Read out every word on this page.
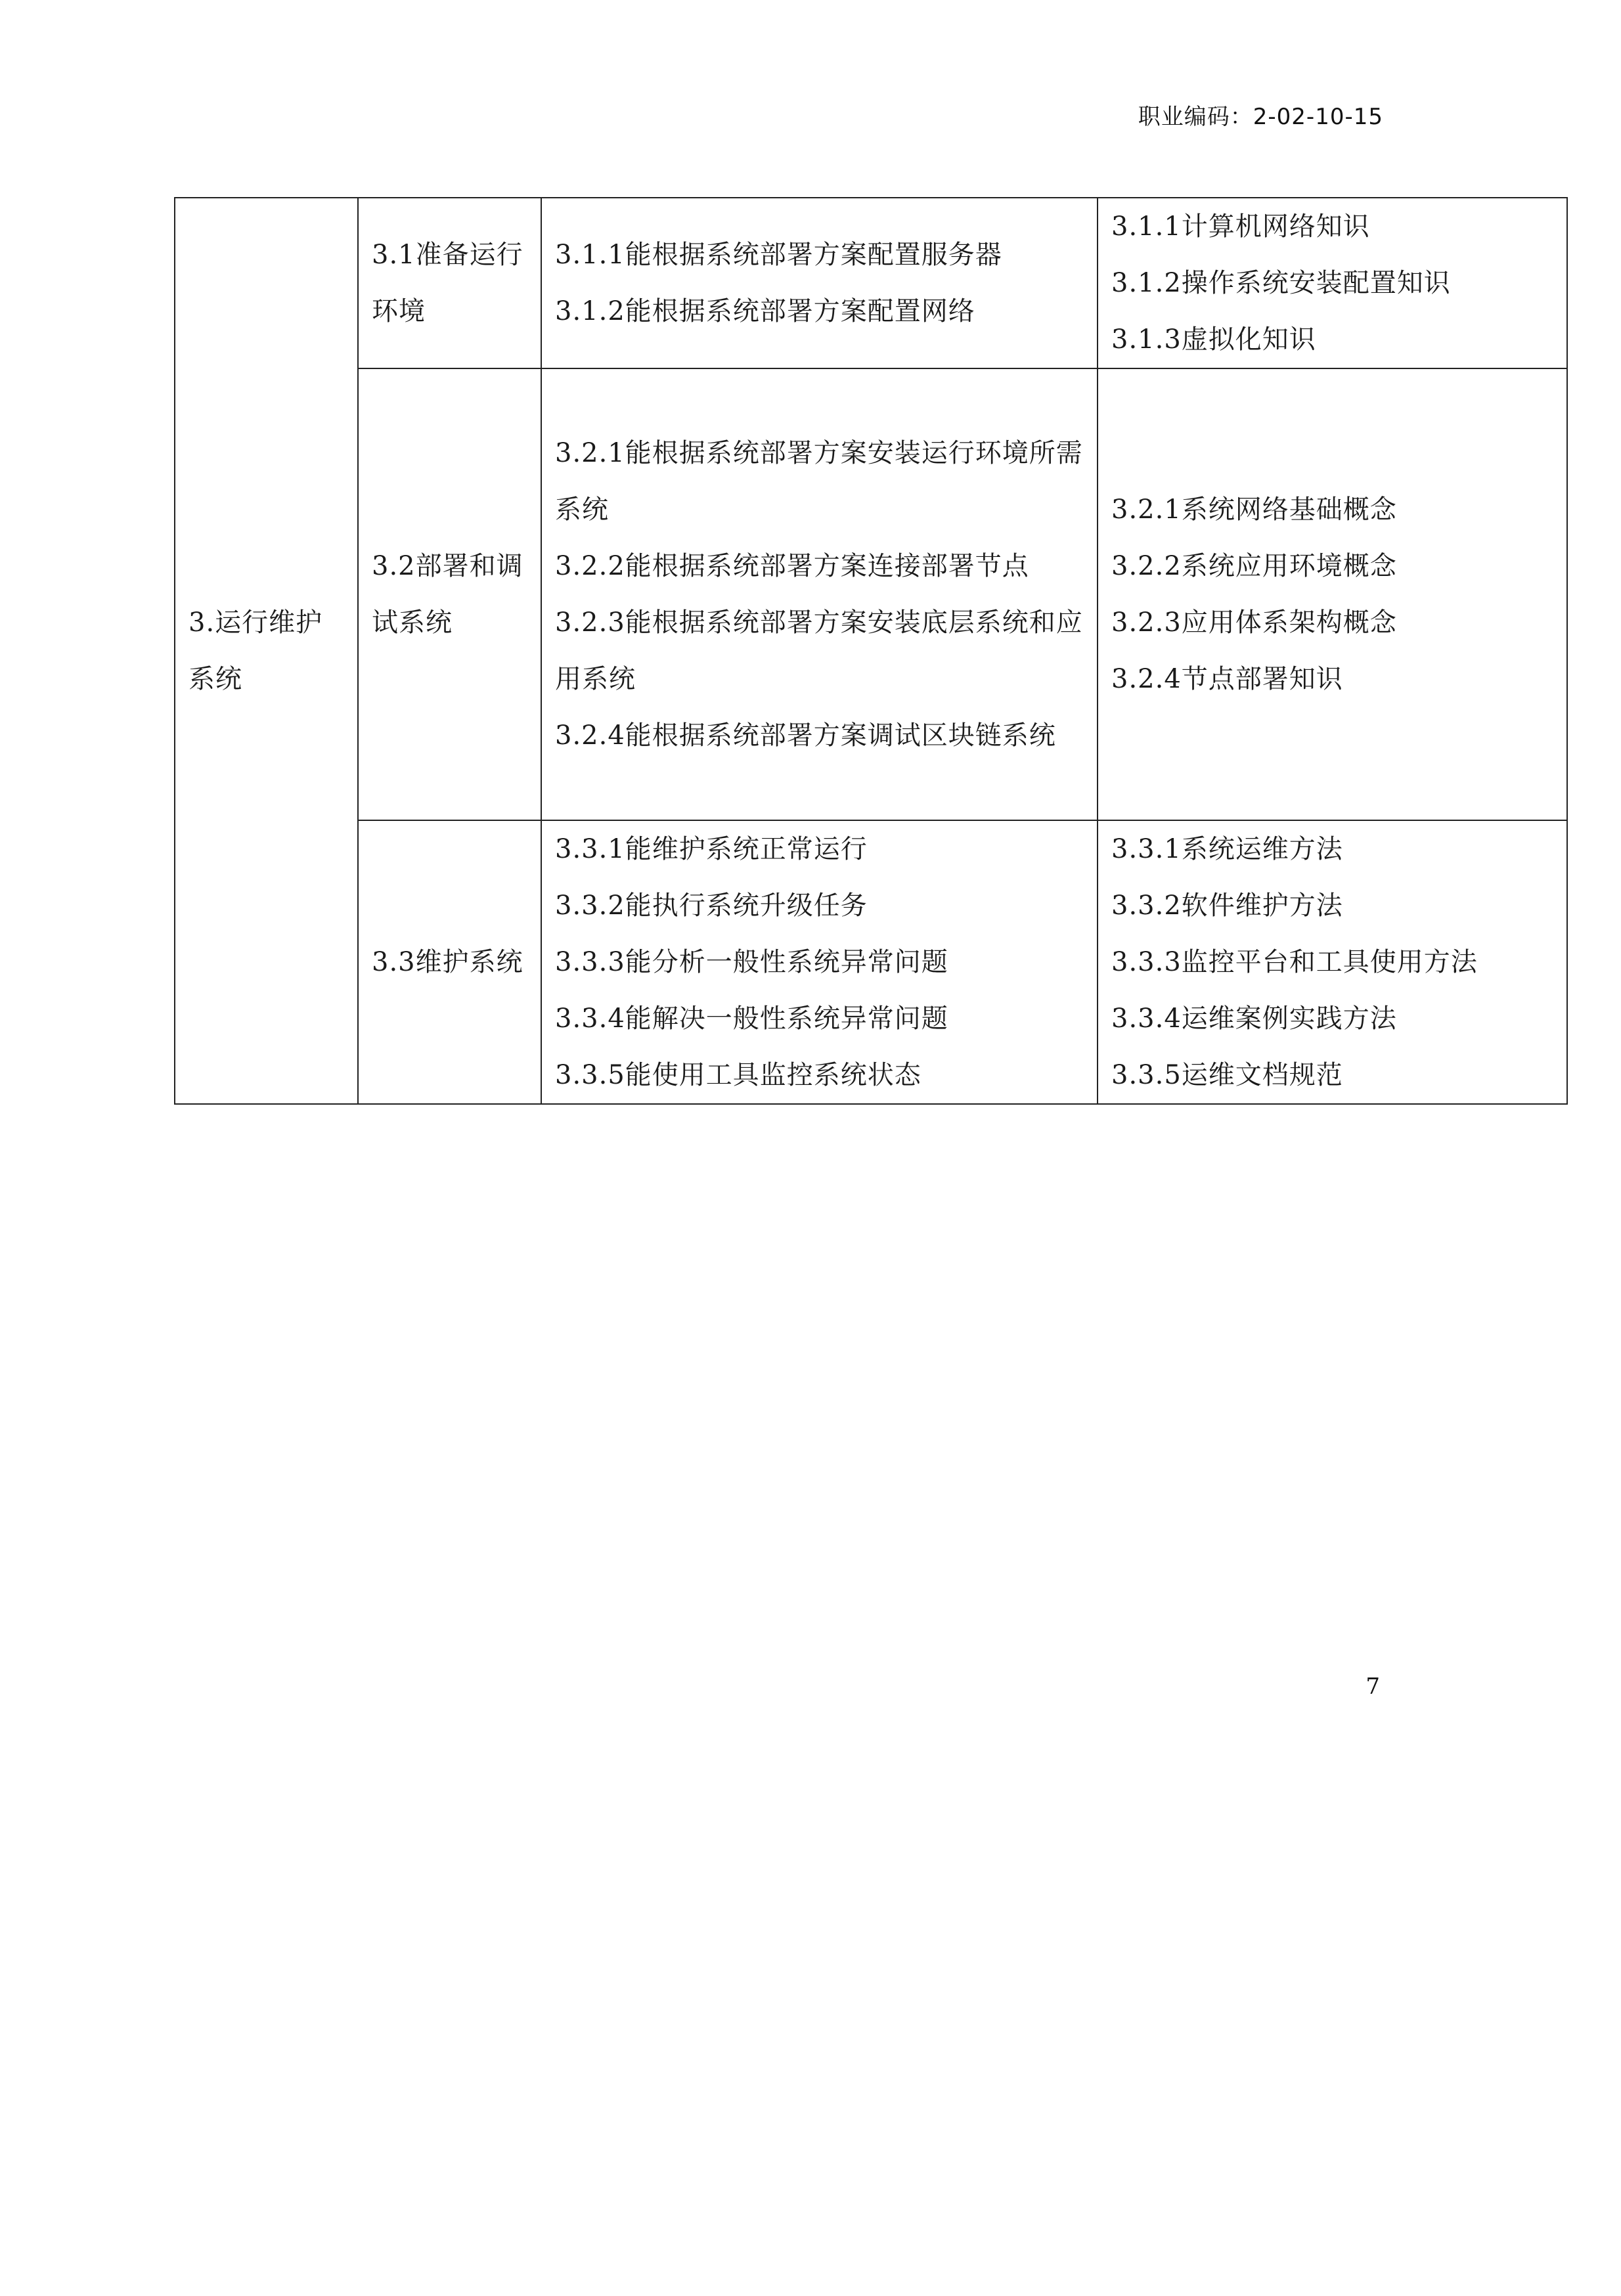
职业编码：2-02-10-15
3.运行维护系统	3.1准备运行环境	3.1.1能根据系统部署方案配置服务器
3.1.2能根据系统部署方案配置网络	3.1.1计算机网络知识
3.1.2操作系统安装配置知识
3.1.3虚拟化知识

	3.2部署和调试系统	3.2.1能根据系统部署方案安装运行环境所需系统
3.2.2能根据系统部署方案连接部署节点
3.2.3能根据系统部署方案安装底层系统和应用系统
3.2.4能根据系统部署方案调试区块链系统	3.2.1系统网络基础概念
3.2.2系统应用环境概念
3.2.3应用体系架构概念
3.2.4节点部署知识

	3.3维护系统	3.3.1能维护系统正常运行
3.3.2能执行系统升级任务
3.3.3能分析一般性系统异常问题
3.3.4能解决一般性系统异常问题
3.3.5能使用工具监控系统状态	3.3.1系统运维方法
3.3.2软件维护方法
3.3.3监控平台和工具使用方法
3.3.4运维案例实践方法
3.3.5运维文档规范
7
